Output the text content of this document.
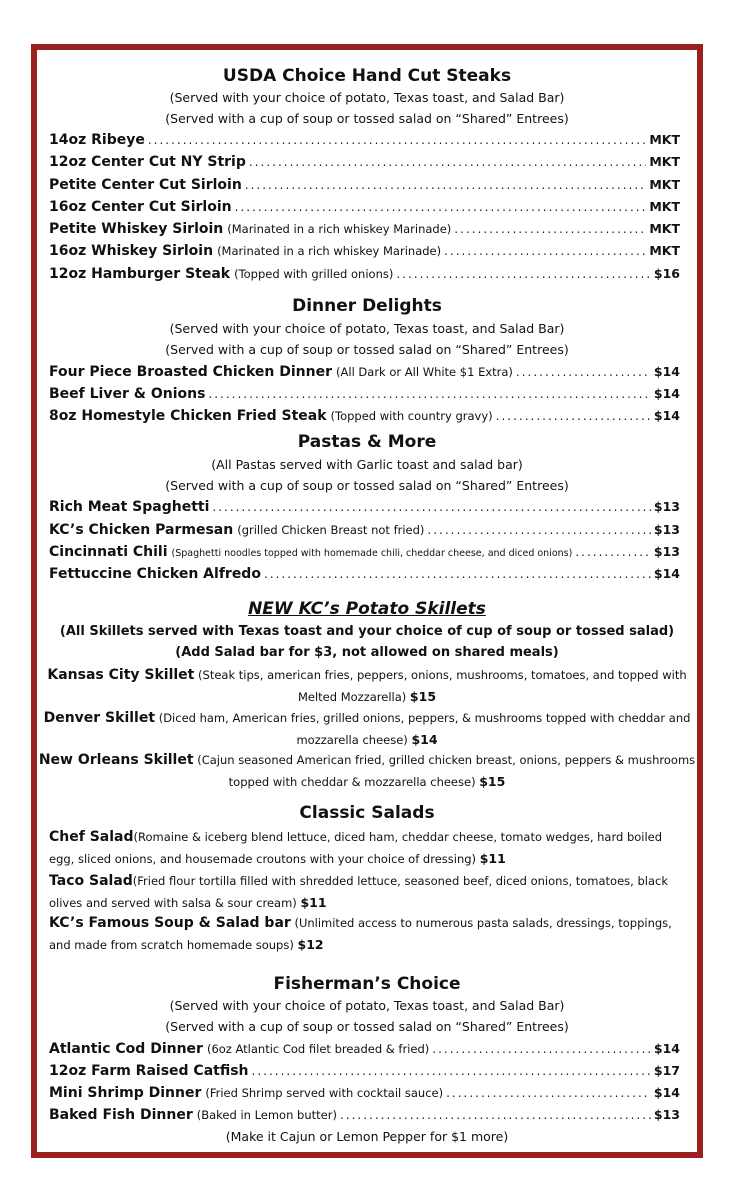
USDA Choice Hand Cut Steaks
(Served with your choice of potato, Texas toast, and Salad Bar)
(Served with a cup of soup or tossed salad on “Shared” Entrees)
14oz Ribeye .....	MKT
12oz Center Cut NY Strip .....	MKT
Petite Center Cut Sirloin .....	MKT
16oz Center Cut Sirloin .....	MKT
Petite Whiskey Sirloin (Marinated in a rich whiskey Marinade) .....	MKT
16oz Whiskey Sirloin (Marinated in a rich whiskey Marinade) .....	MKT
12oz Hamburger Steak (Topped with grilled onions) .....	$16
Dinner Delights
(Served with your choice of potato, Texas toast, and Salad Bar)
(Served with a cup of soup or tossed salad on “Shared” Entrees)
Four Piece Broasted Chicken Dinner (All Dark or All White $1 Extra) .....	$14
Beef Liver & Onions .....	$14
8oz Homestyle Chicken Fried Steak (Topped with country gravy) .....	$14
Pastas & More
(All Pastas served with Garlic toast and salad bar)
(Served with a cup of soup or tossed salad on “Shared” Entrees)
Rich Meat Spaghetti .....	$13
KC’s Chicken Parmesan (grilled Chicken Breast not fried) .....	$13
Cincinnati Chili (Spaghetti noodles topped with homemade chili, cheddar cheese, and diced onions) .....	$13
Fettuccine Chicken Alfredo .....	$14
NEW KC’s Potato Skillets
(All Skillets served with Texas toast and your choice of cup of soup or tossed salad)
(Add Salad bar for $3, not allowed on shared meals)
Kansas City Skillet (Steak tips, american fries, peppers, onions, mushrooms, tomatoes, and topped with Melted Mozzarella) $15
Denver Skillet (Diced ham, American fries, grilled onions, peppers, & mushrooms topped with cheddar and mozzarella cheese) $14
New Orleans Skillet (Cajun seasoned American fried, grilled chicken breast, onions, peppers & mushrooms topped with cheddar & mozzarella cheese) $15
Classic Salads
Chef Salad(Romaine & iceberg blend lettuce, diced ham, cheddar cheese, tomato wedges, hard boiled egg, sliced onions, and housemade croutons with your choice of dressing) $11
Taco Salad(Fried flour tortilla filled with shredded lettuce, seasoned beef, diced onions, tomatoes, black olives and served with salsa & sour cream) $11
KC’s Famous Soup & Salad bar (Unlimited access to numerous pasta salads, dressings, toppings, and made from scratch homemade soups) $12
Fisherman’s Choice
(Served with your choice of potato, Texas toast, and Salad Bar)
(Served with a cup of soup or tossed salad on “Shared” Entrees)
Atlantic Cod Dinner (6oz Atlantic Cod filet breaded & fried) .....	$14
12oz Farm Raised Catfish .....	$17
Mini Shrimp Dinner (Fried Shrimp served with cocktail sauce) .....	$14
Baked Fish Dinner (Baked in Lemon butter) .....	$13
(Make it Cajun or Lemon Pepper for $1 more)
